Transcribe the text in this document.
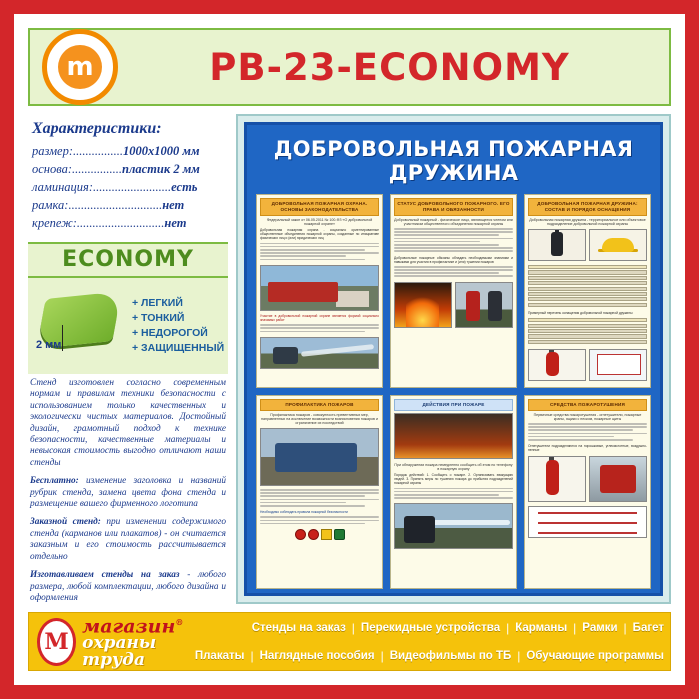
m	PB-23-ECONOMY
Характеристики:
размер:................1000x1000 мм
основа:................пластик 2 мм
ламинация:.........................есть
рамка:..............................нет
крепеж:............................нет
ECONOMY
2 мм
+ ЛЕГКИЙ
+ ТОНКИЙ
+ НЕДОРОГОЙ
+ ЗАЩИЩЕННЫЙ

Стенд изготовлен согласно современным нормам и правилам техники безопасности с использованием только качественных и экологически чистых материалов. Достойный дизайн, грамотный подход к технике безопасности, качественные материалы и невысокая стоимость выгодно отличают наши стенды

Бесплатно: изменение заголовка и названий рубрик стенда, замена цвета фона стенда и размещение вашего фирменного логотипа

Заказной стенд: при изменении содержимого стенда (карманов или плакатов) - он считается заказным и его стоимость рассчитывается отдельно

Изготавливаем стенды на заказ - любого размера, любой комплектации, любого дизайна и оформления

ДОБРОВОЛЬНАЯ ПОЖАРНАЯ ДРУЖИНА
ДОБРОВОЛЬНАЯ ПОЖАРНАЯ ОХРАНА. ОСНОВЫ ЗАКОНОДАТЕЛЬСТВА
Федеральный закон от 06.05.2011 № 100-ФЗ «О добровольной пожарной охране»
Добровольная пожарная охрана - социально ориентированные общественные объединения пожарной охраны, созданные по инициативе физических лиц и (или) юридических лиц
Участие в добровольной пожарной охране является формой социально значимых работ
СТАТУС ДОБРОВОЛЬНОГО ПОЖАРНОГО. ЕГО ПРАВА И ОБЯЗАННОСТИ
Добровольный пожарный - физическое лицо, являющееся членом или участником общественного объединения пожарной охраны
Добровольные пожарные обязаны обладать необходимыми знаниями и навыками для участия в профилактике и (или) тушении пожаров
ДОБРОВОЛЬНАЯ ПОЖАРНАЯ ДРУЖИНА: СОСТАВ И ПОРЯДОК ОСНАЩЕНИЯ
Добровольная пожарная дружина - территориальное или объектовое подразделение добровольной пожарной охраны
Примерный перечень оснащения добровольной пожарной дружины
ПРОФИЛАКТИКА ПОЖАРОВ
Профилактика пожаров - совокупность превентивных мер, направленных на исключение возможности возникновения пожаров и ограничение их последствий
Необходимо соблюдать правила пожарной безопасности
ДЕЙСТВИЯ ПРИ ПОЖАРЕ
При обнаружении пожара немедленно сообщить об этом по телефону в пожарную охрану
Порядок действий: 1. Сообщить о пожаре. 2. Организовать эвакуацию людей. 3. Принять меры по тушению пожара до прибытия подразделений пожарной охраны
СРЕДСТВА ПОЖАРОТУШЕНИЯ
Первичные средства пожаротушения - огнетушители, пожарные краны, ящики с песком, пожарные щиты
Огнетушители подразделяются на порошковые, углекислотные, воздушно-пенные
М
магазин®
охраны труда
Стенды на заказ | Перекидные устройства | Карманы | Рамки | Багет
Плакаты | Наглядные пособия | Видеофильмы по ТБ | Обучающие программы
